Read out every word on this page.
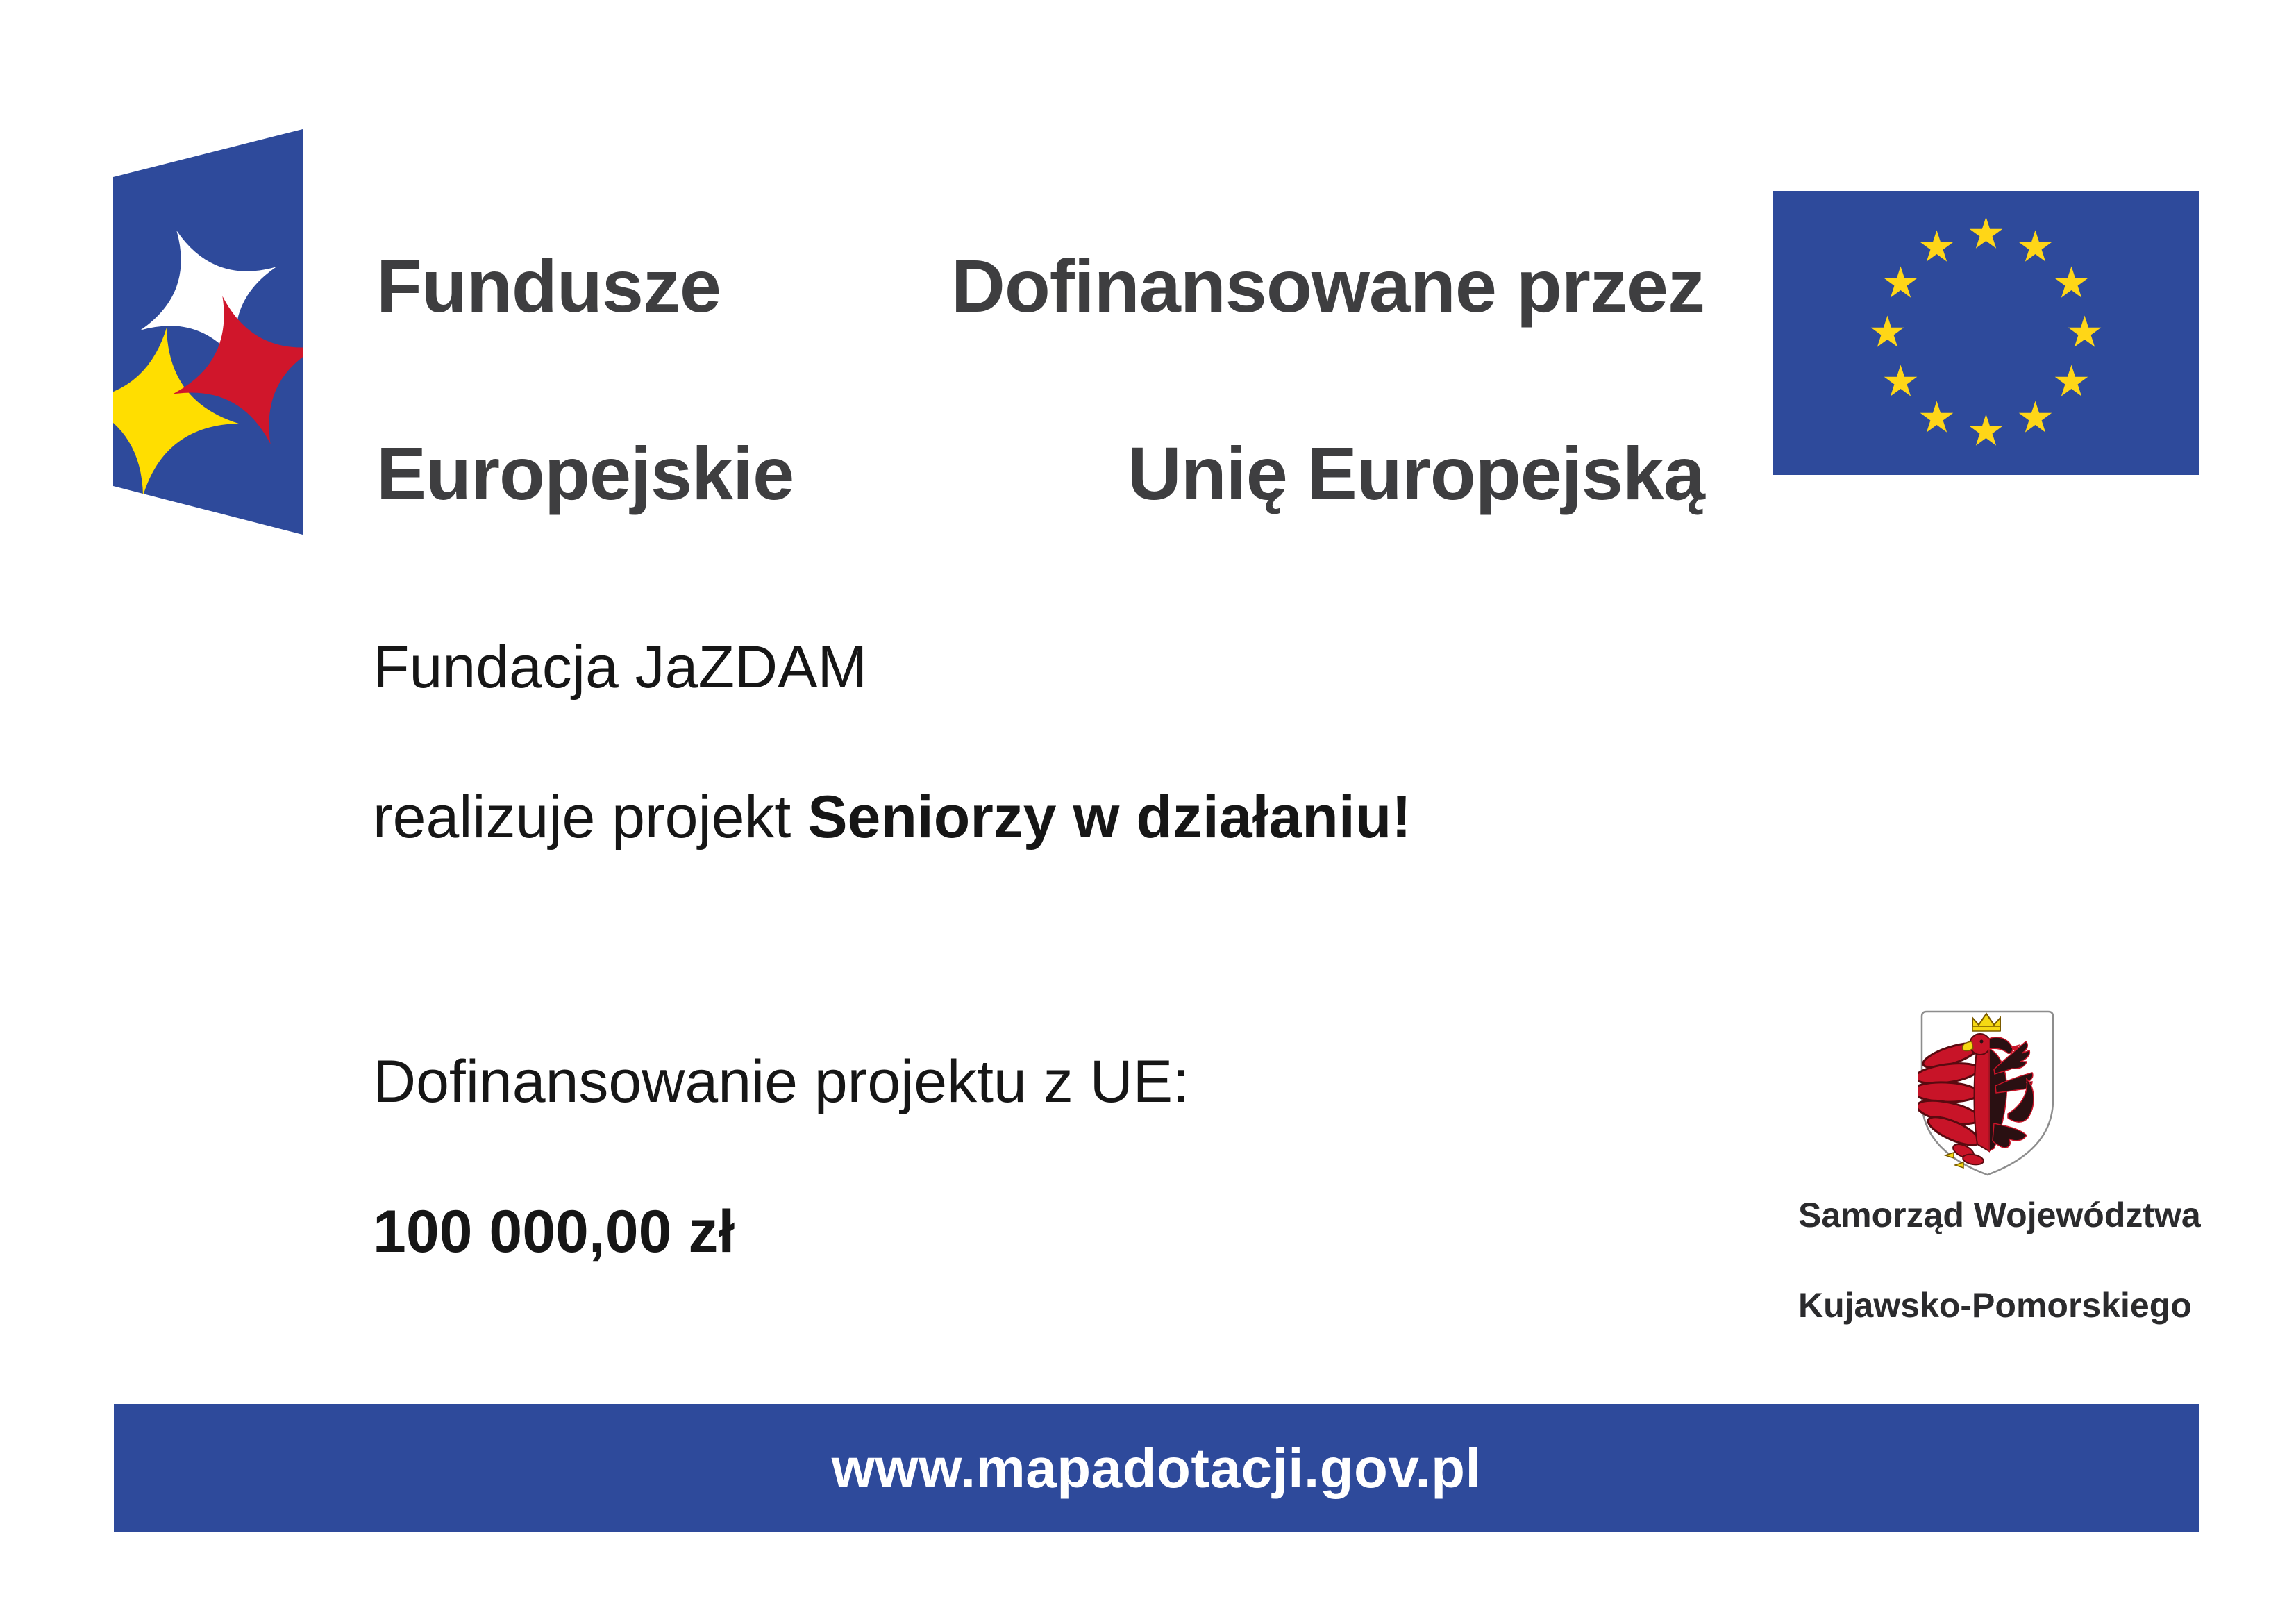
Fundusze

Europejskie
Dofinansowane przez

Unię Europejską
Fundacja JaZDAM

realizuje projekt Seniorzy w działaniu!
Dofinansowanie projektu z UE:

100 000,00 zł	Samorząd Województwa

Kujawsko-Pomorskiego
www.mapadotacji.gov.pl
